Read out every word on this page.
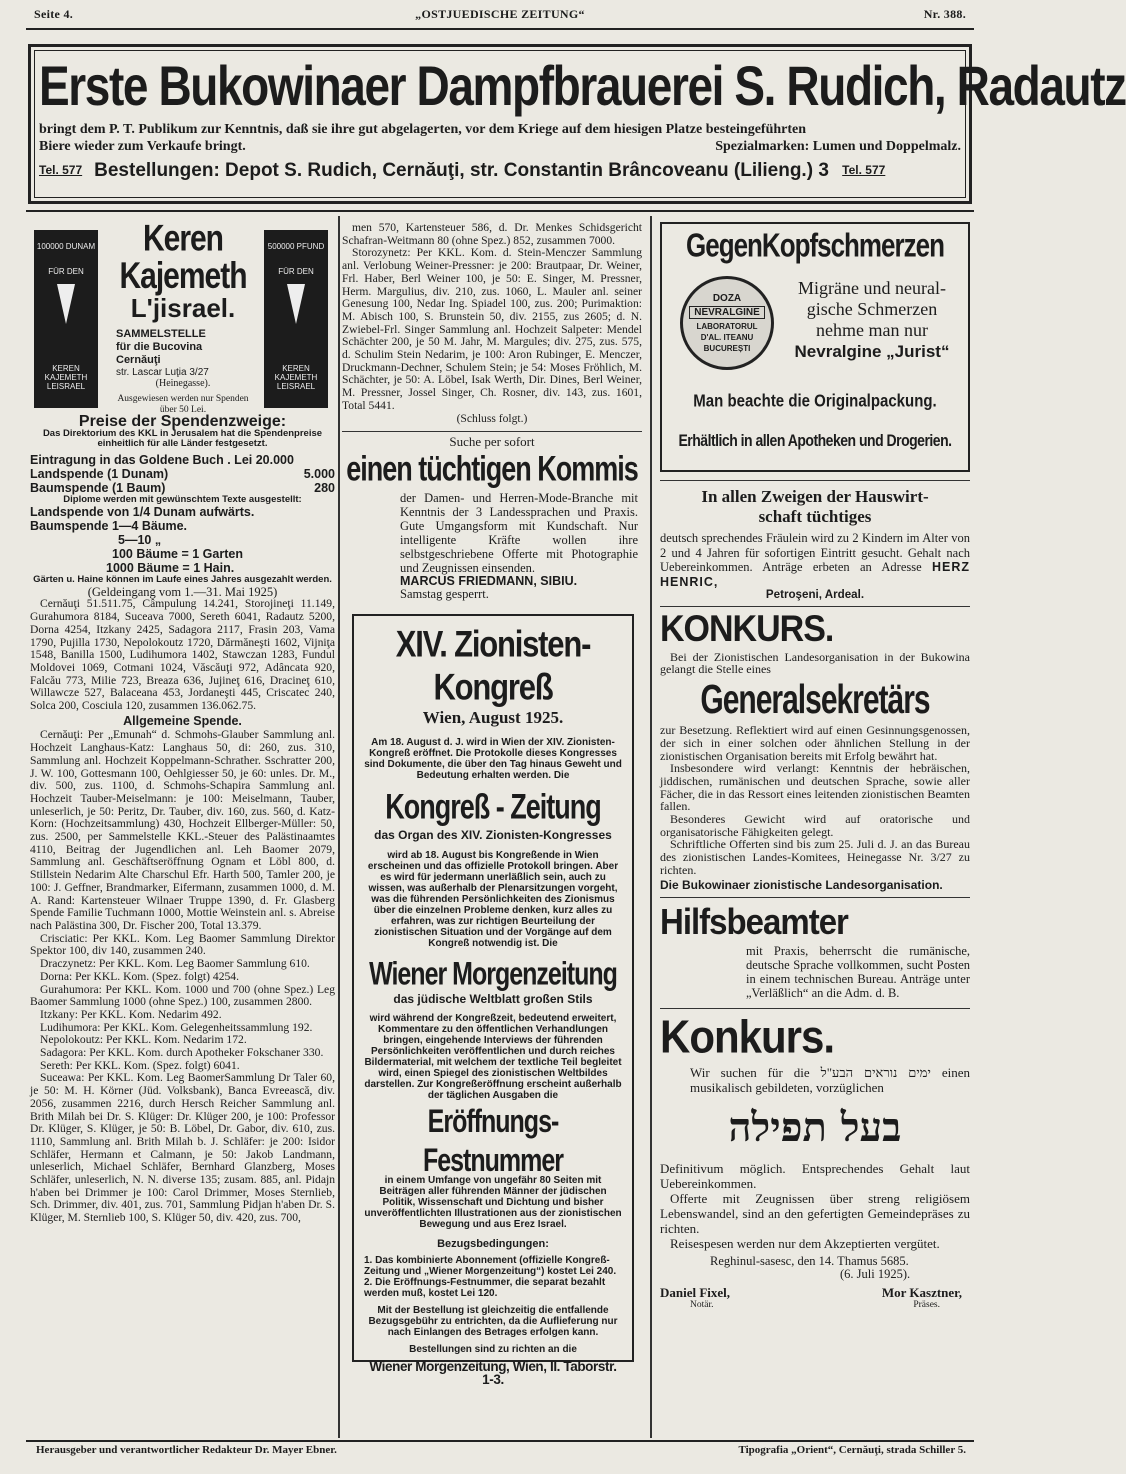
Seite 4.	„OSTJUEDISCHE ZEITUNG“	Nr. 388.
Erste Bukowinaer Dampfbrauerei S. Rudich, Radautz
bringt dem P. T. Publikum zur Kenntnis, daß sie ihre gut abgelagerten, vor dem Kriege auf dem hiesigen Platze besteingeführten
Biere wieder zum Verkaufe bringt.	Spezialmarken: Lumen und Doppelmalz.
Tel. 577 Bestellungen: Depot S. Rudich, Cernăuţi, str. Constantin Brâncoveanu (Lilieng.) 3 Tel. 577
100000 DUNAM
FÜR DEN
KEREN KAJEMETH LEISRAEL
Keren Kajemeth
L'jisrael.
SAMMELSTELLE
für die Bucovina
Cernăuţi
str. Lascar Luţia 3/27
(Heinegasse).
Ausgewiesen werden nur Spenden über 50 Lei.
500000 PFUND
FÜR DEN
KEREN KAJEMETH LEISRAEL
Preise der Spendenzweige:
Das Direktorium des KKL in Jerusalem hat die Spendenpreise einheitlich für alle Länder festgesetzt.
Eintragung in das Goldene Buch . Lei 20.000
Landspende (1 Dunam)	5.000
Baumspende (1 Baum)	280
Diplome werden mit gewünschtem Texte ausgestellt:
Landspende von 1/4 Dunam aufwärts.
Baumspende 1—4 Bäume.
5—10 „
100 Bäume = 1 Garten
1000 Bäume = 1 Hain.
Gärten u. Haine können im Laufe eines Jahres ausgezahlt werden.
(Geldeingang vom 1.—31. Mai 1925)

Cernăuţi 51.511.75, Câmpulung 14.241, Storojineţi 11.149, Gurahumora 8184, Suceava 7000, Sereth 6041, Radautz 5200, Dorna 4254, Itzkany 2425, Sadagora 2117, Frasin 203, Vama 1790, Pujilla 1730, Nepolokoutz 1720, Dărmăneşti 1602, Vijniţa 1548, Banilla 1500, Ludihumora 1402, Stawczan 1283, Fundul Moldovei 1069, Cotmani 1024, Văscăuţi 972, Adâncata 920, Falcău 773, Milie 723, Breaza 636, Jujineţ 616, Dracineţ 610, Willawcze 527, Balaceana 453, Jordaneşti 445, Criscatec 240, Solca 200, Cosciula 120, zusammen 136.062.75.

Allgemeine Spende.

Cernăuţi: Per „Emunah“ d. Schmohs-Glauber Sammlung anl. Hochzeit Langhaus-Katz: Langhaus 50, di: 260, zus. 310, Sammlung anl. Hochzeit Koppelmann-Schrather. Sschratter 200, J. W. 100, Gottesmann 100, Oehlgiesser 50, je 60: unles. Dr. M., div. 500, zus. 1100, d. Schmohs-Schapira Sammlung anl. Hochzeit Tauber-Meiselmann: je 100: Meiselmann, Tauber, unleserlich, je 50: Peritz, Dr. Tauber, div. 160, zus. 560, d. Katz-Korn: (Hochzeitsammlung) 430, Hochzeit Ellberger-Müller: 50, zus. 2500, per Sammelstelle KKL.-Steuer des Palästinaamtes 4110, Beitrag der Jugendlichen anl. Leh Baomer 2079, Sammlung anl. Geschäftseröffnung Ognam et Löbl 800, d. Stillstein Nedarim Alte Charschul Efr. Harth 500, Tamler 200, je 100: J. Geffner, Brandmarker, Eifermann, zusammen 1000, d. M. A. Rand: Kartensteuer Wilnaer Truppe 1390, d. Fr. Glasberg Spende Familie Tuchmann 1000, Mottie Weinstein anl. s. Abreise nach Palästina 300, Dr. Fischer 200, Total 13.379.

Crisciatic: Per KKL. Kom. Leg Baomer Sammlung Direktor Spektor 100, div 140, zusammen 240.

Draczynetz: Per KKL. Kom. Leg Baomer Sammlung 610.

Dorna: Per KKL. Kom. (Spez. folgt) 4254.

Gurahumora: Per KKL. Kom. 1000 und 700 (ohne Spez.) Leg Baomer Sammlung 1000 (ohne Spez.) 100, zusammen 2800.

Itzkany: Per KKL. Kom. Nedarim 492.

Ludihumora: Per KKL. Kom. Gelegenheitssammlung 192.

Nepolokoutz: Per KKL. Kom. Nedarim 172.

Sadagora: Per KKL. Kom. durch Apotheker Fokschaner 330.

Sereth: Per KKL. Kom. (Spez. folgt) 6041.

Suceawa: Per KKL. Kom. Leg BaomerSammlung Dr Taler 60, je 50: M. H. Körner (Jüd. Volksbank), Banca Evreească, div. 2056, zusammen 2216, durch Hersch Reicher Sammlung anl. Brith Milah bei Dr. S. Klüger: Dr. Klüger 200, je 100: Professor Dr. Klüger, S. Klüger, je 50: B. Löbel, Dr. Gabor, div. 610, zus. 1110, Sammlung anl. Brith Milah b. J. Schläfer: je 200: Isidor Schläfer, Hermann et Calmann, je 50: Jakob Landmann, unleserlich, Michael Schläfer, Bernhard Glanzberg, Moses Schläfer, unleserlich, N. N. diverse 135; zusam. 885, anl. Pidajn h'aben bei Drimmer je 100: Carol Drimmer, Moses Sternlieb, Sch. Drimmer, div. 401, zus. 701, Sammlung Pidjan h'aben Dr. S. Klüger, M. Sternlieb 100, S. Klüger 50, div. 420, zus. 700,

men 570, Kartensteuer 586, d. Dr. Menkes Schidsgericht Schafran-Weitmann 80 (ohne Spez.) 852, zusammen 7000.

Storozynetz: Per KKL. Kom. d. Stein-Menczer Sammlung anl. Verlobung Weiner-Pressner: je 200: Brautpaar, Dr. Weiner, Frl. Haber, Berl Weiner 100, je 50: E. Singer, M. Pressner, Herm. Margulius, div. 210, zus. 1060, L. Mauler anl. seiner Genesung 100, Nedar Ing. Spiadel 100, zus. 200; Purimaktion: M. Abisch 100, S. Brunstein 50, div. 2155, zus 2605; d. N. Zwiebel-Frl. Singer Sammlung anl. Hochzeit Salpeter: Mendel Schächter 200, je 50 M. Jahr, M. Margules; div. 275, zus. 575, d. Schulim Stein Nedarim, je 100: Aron Rubinger, E. Menczer, Druckmann-Dechner, Schulem Stein; je 54: Moses Fröhlich, M. Schächter, je 50: A. Löbel, Isak Werth, Dir. Dines, Berl Weiner, M. Pressner, Jossel Singer, Ch. Rosner, div. 143, zus. 1601, Total 5441.

(Schluss folgt.)
Suche per sofort
einen tüchtigen Kommis

der Damen- und Herren-Mode-Branche mit Kenntnis der 3 Landessprachen und Praxis. Gute Umgangsform mit Kundschaft. Nur intelligente Kräfte wollen ihre selbstgeschriebene Offerte mit Photographie und Zeugnissen einsenden.

MARCUS FRIEDMANN, SIBIU.
Samstag gesperrt.
XIV. Zionisten-Kongreß
Wien, August 1925.

Am 18. August d. J. wird in Wien der XIV. Zionisten-Kongreß eröffnet. Die Protokolle dieses Kongresses sind Dokumente, die über den Tag hinaus Geweht und Bedeutung erhalten werden. Die

Kongreß - Zeitung
das Organ des XIV. Zionisten-Kongresses

wird ab 18. August bis Kongreßende in Wien erscheinen und das offizielle Protokoll bringen. Aber es wird für jedermann unerläßlich sein, auch zu wissen, was außerhalb der Plenarsitzungen vorgeht, was die führenden Persönlichkeiten des Zionismus über die einzelnen Probleme denken, kurz alles zu erfahren, was zur richtigen Beurteilung der zionistischen Situation und der Vorgänge auf dem Kongreß notwendig ist. Die

Wiener Morgenzeitung
das jüdische Weltblatt großen Stils

wird während der Kongreßzeit, bedeutend erweitert, Kommentare zu den öffentlichen Verhandlungen bringen, eingehende Interviews der führenden Persönlichkeiten veröffentlichen und durch reiches Bildermaterial, mit welchem der textliche Teil begleitet wird, einen Spiegel des zionistischen Weltbildes darstellen. Zur Kongreßeröffnung erscheint außerhalb der täglichen Ausgaben die

Eröffnungs-Festnummer

in einem Umfange von ungefähr 80 Seiten mit Beiträgen aller führenden Männer der jüdischen Politik, Wissenschaft und Dichtung und bisher unveröffentlichten Illustrationen aus der zionistischen Bewegung und aus Erez Israel.

Bezugsbedingungen:

1. Das kombinierte Abonnement (offizielle Kongreß-Zeitung und „Wiener Morgenzeitung“) kostet Lei 240.

2. Die Eröffnungs-Festnummer, die separat bezahlt werden muß, kostet Lei 120.

Mit der Bestellung ist gleichzeitig die entfallende Bezugsgebühr zu entrichten, da die Auflieferung nur nach Einlangen des Betrages erfolgen kann.

Bestellungen sind zu richten an die

Wiener Morgenzeitung, Wien, II. Taborstr. 1-3.
GegenKopfschmerzen
DOZA
NEVRALGINE
LABORATORUL
D'AL. ITEANU
BUCUREȘTI
Migräne und neural-
gische Schmerzen
nehme man nur
Nevralgine „Jurist“
Man beachte die Originalpackung.
Erhältlich in allen Apotheken und Drogerien.
In allen Zweigen der Hauswirt-
schaft tüchtiges

deutsch sprechendes Fräulein wird zu 2 Kindern im Alter von 2 und 4 Jahren für sofortigen Eintritt gesucht. Gehalt nach Uebereinkommen. Anträge erbeten an Adresse HERZ HENRIC,

Petroşeni, Ardeal.
KONKURS.

Bei der Zionistischen Landesorganisation in der Bukowina gelangt die Stelle eines

Generalsekretärs

zur Besetzung. Reflektiert wird auf einen Gesinnungsgenossen, der sich in einer solchen oder ähnlichen Stellung in der zionistischen Organisation bereits mit Erfolg bewährt hat.

Insbesondere wird verlangt: Kenntnis der hebräischen, jiddischen, rumänischen und deutschen Sprache, sowie aller Fächer, die in das Ressort eines leitenden zionistischen Beamten fallen.

Besonderes Gewicht wird auf oratorische und organisatorische Fähigkeiten gelegt.

Schriftliche Offerten sind bis zum 25. Juli d. J. an das Bureau des zionistischen Landes-Komitees, Heinegasse Nr. 3/27 zu richten.

Die Bukowinaer zionistische Landesorganisation.
Hilfsbeamter

mit Praxis, beherrscht die rumänische, deutsche Sprache vollkommen, sucht Posten in einem technischen Bureau. Anträge unter „Verläßlich“ an die Adm. d. B.

Konkurs.

Wir suchen für die ימים נוראים הבע"ל einen musikalisch gebildeten, vorzüglichen

בעל תפילה

Definitivum möglich. Entsprechendes Gehalt laut Uebereinkommen.

Offerte mit Zeugnissen über streng religiösem Lebenswandel, sind an den gefertigten Gemeindepräses zu richten.

Reisespesen werden nur dem Akzeptierten vergütet.

Reghinul-sasesc, den 14. Thamus 5685.
(6. Juli 1925).
Daniel Fixel,	Mor Kasztner,
Notär.	Präses.
Herausgeber und verantwortlicher Redakteur Dr. Mayer Ebner.	Tipografia „Orient“, Cernăuţi, strada Schiller 5.
